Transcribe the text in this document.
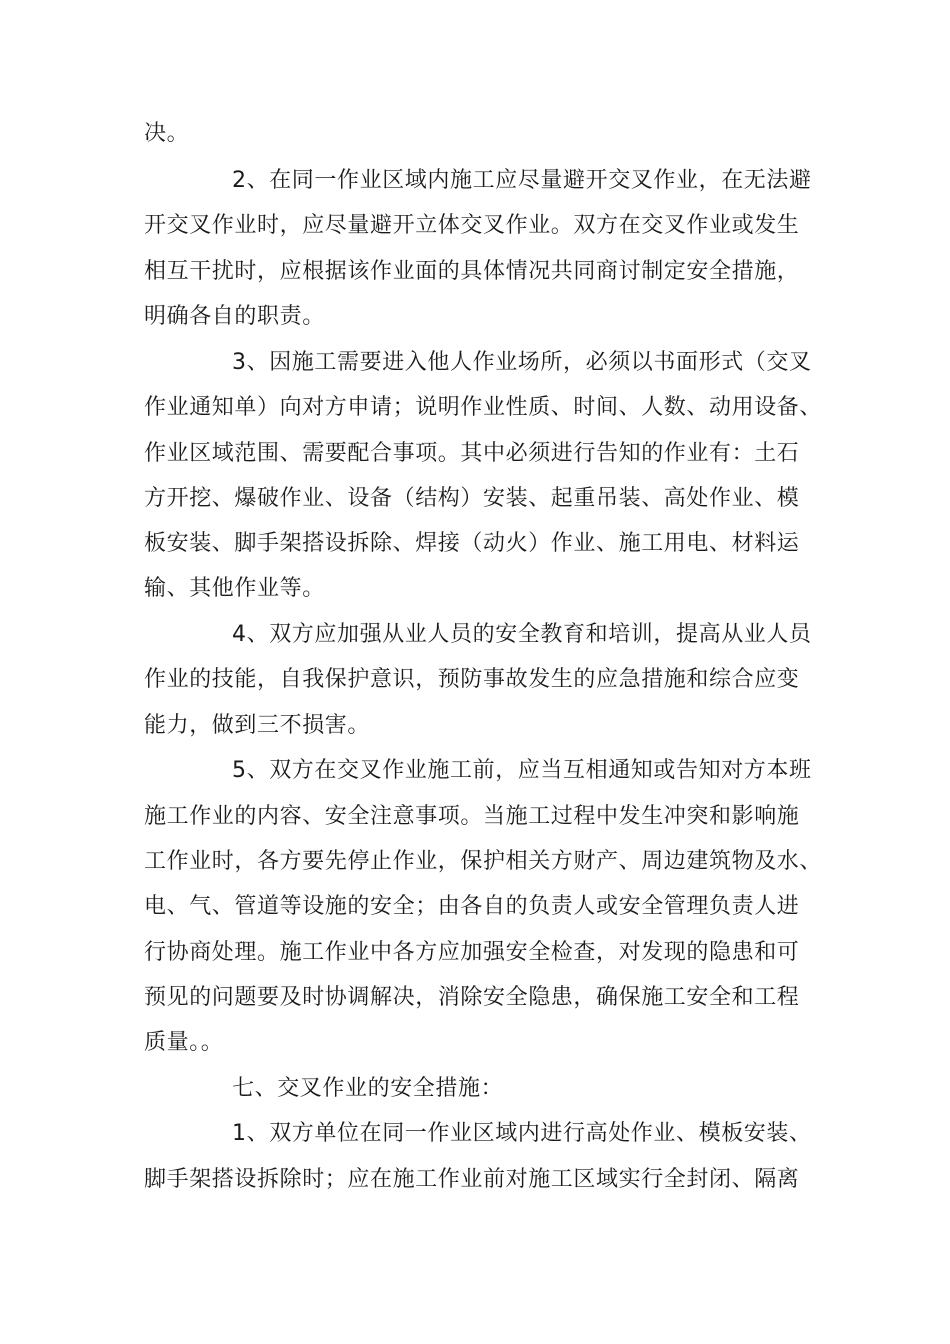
决。
2、在同一作业区域内施工应尽量避开交叉作业，在无法避
开交叉作业时，应尽量避开立体交叉作业。双方在交叉作业或发生
相互干扰时，应根据该作业面的具体情况共同商讨制定安全措施，
明确各自的职责。
3、因施工需要进入他人作业场所，必须以书面形式（交叉
作业通知单）向对方申请；说明作业性质、时间、人数、动用设备、
作业区域范围、需要配合事项。其中必须进行告知的作业有：土石
方开挖、爆破作业、设备（结构）安装、起重吊装、高处作业、模
板安装、脚手架搭设拆除、焊接（动火）作业、施工用电、材料运
输、其他作业等。
4、双方应加强从业人员的安全教育和培训，提高从业人员
作业的技能，自我保护意识，预防事故发生的应急措施和综合应变
能力，做到三不损害。
5、双方在交叉作业施工前，应当互相通知或告知对方本班
施工作业的内容、安全注意事项。当施工过程中发生冲突和影响施
工作业时，各方要先停止作业，保护相关方财产、周边建筑物及水、
电、气、管道等设施的安全；由各自的负责人或安全管理负责人进
行协商处理。施工作业中各方应加强安全检查，对发现的隐患和可
预见的问题要及时协调解决，消除安全隐患，确保施工安全和工程
质量。。
七、交叉作业的安全措施：
1、双方单位在同一作业区域内进行高处作业、模板安装、
脚手架搭设拆除时；应在施工作业前对施工区域实行全封闭、隔离
